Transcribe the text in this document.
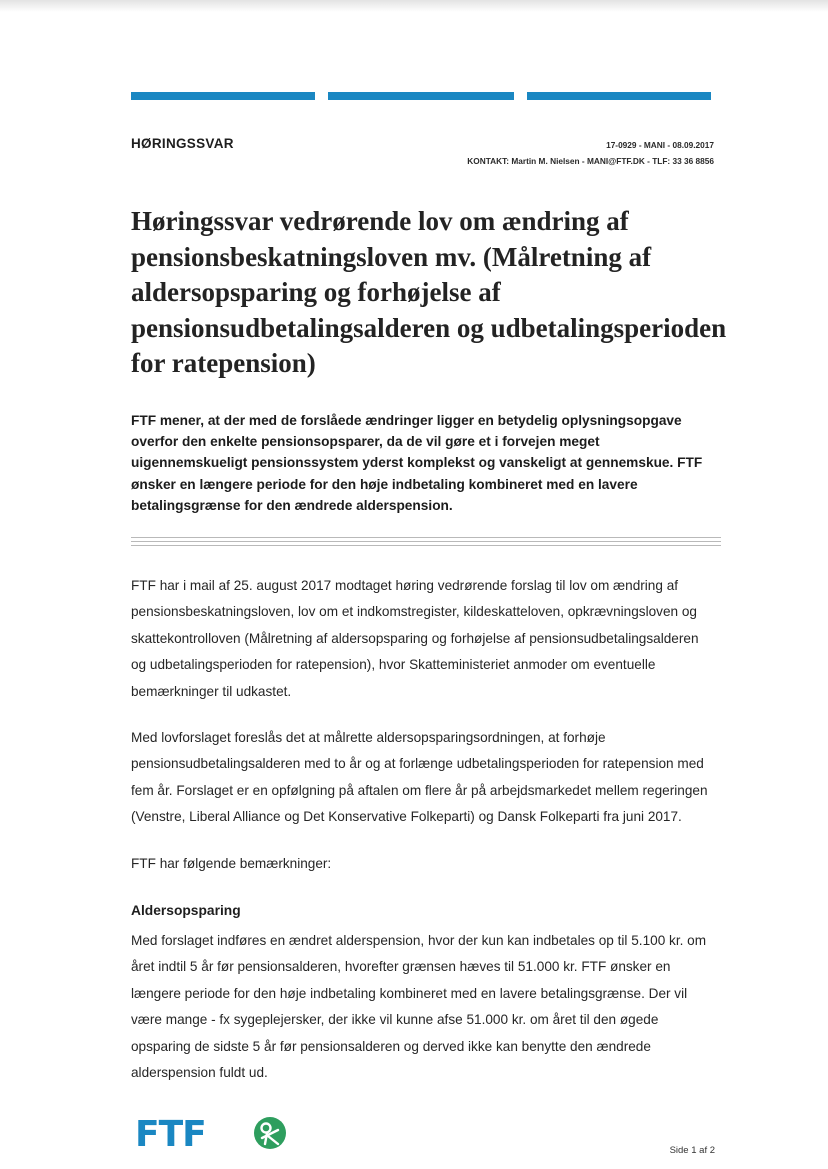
HØRINGSSVAR	17-0929 - MANI - 08.09.2017
KONTAKT: Martin M. Nielsen - MANI@FTF.DK - TLF: 33 36 8856
Høringssvar vedrørende lov om ændring af pensionsbeskatningsloven mv. (Målretning af aldersopsparing og forhøjelse af pensionsudbetalingsalderen og udbetalingsperioden for ratepension)

FTF mener, at der med de forslåede ændringer ligger en betydelig oplysningsopgave overfor den enkelte pensionsopsparer, da de vil gøre et i forvejen meget uigennemskueligt pensionssystem yderst komplekst og vanskeligt at gennemskue. FTF ønsker en længere periode for den høje indbetaling kombineret med en lavere betalingsgrænse for den ændrede alderspension.

FTF har i mail af 25. august 2017 modtaget høring vedrørende forslag til lov om ændring af pensionsbeskatningsloven, lov om et indkomstregister, kildeskatteloven, opkrævningsloven og skattekontrolloven (Målretning af aldersopsparing og forhøjelse af pensionsudbetalingsalderen og udbetalingsperioden for ratepension), hvor Skatteministeriet anmoder om eventuelle bemærkninger til udkastet.

Med lovforslaget foreslås det at målrette aldersopsparingsordningen, at forhøje pensionsudbetalingsalderen med to år og at forlænge udbetalingsperioden for ratepension med fem år. Forslaget er en opfølgning på aftalen om flere år på arbejdsmarkedet mellem regeringen (Venstre, Liberal Alliance og Det Konservative Folkeparti) og Dansk Folkeparti fra juni 2017.

FTF har følgende bemærkninger:

Aldersopsparing

Med forslaget indføres en ændret alderspension, hvor der kun kan indbetales op til 5.100 kr. om året indtil 5 år før pensionsalderen, hvorefter grænsen hæves til 51.000 kr. FTF ønsker en længere periode for den høje indbetaling kombineret med en lavere betalingsgrænse. Der vil være mange - fx sygeplejersker, der ikke vil kunne afse 51.000 kr. om året til den øgede opsparing de sidste 5 år før pensionsalderen og derved ikke kan benytte den ændrede alderspension fuldt ud.

FTF	Side 1 af 2
